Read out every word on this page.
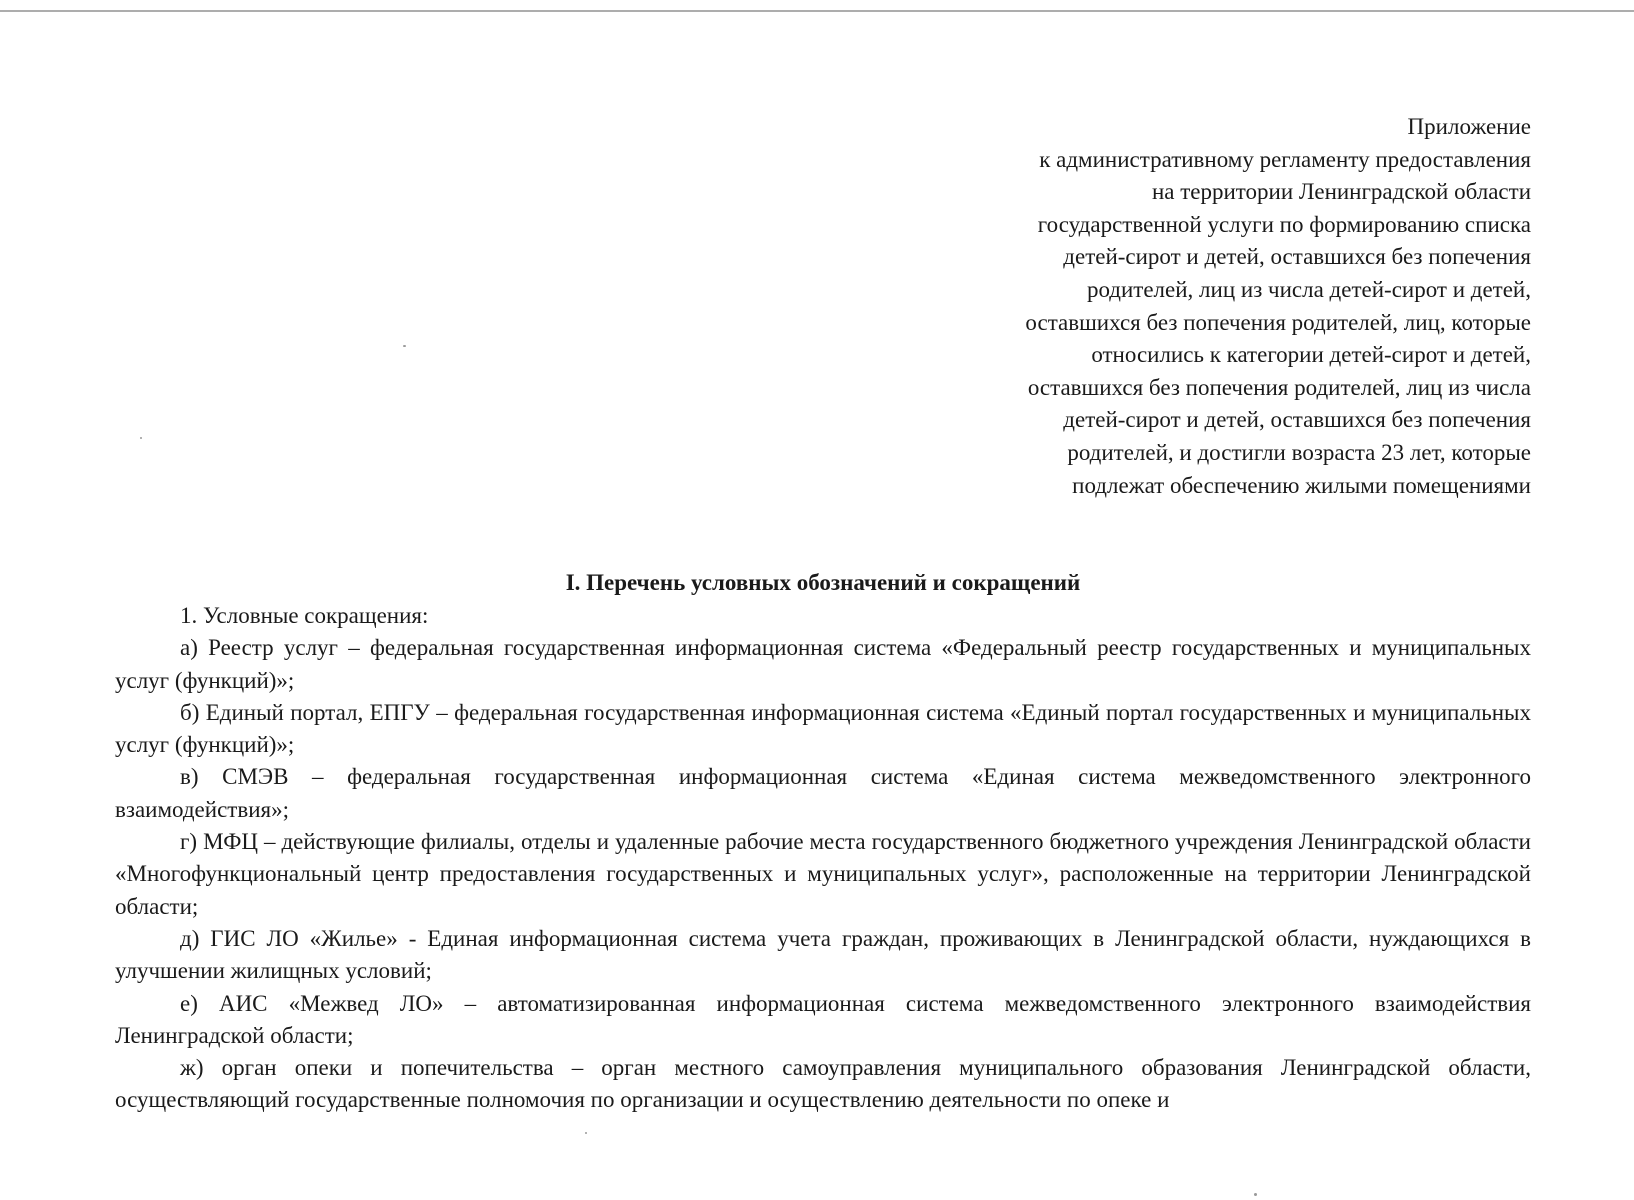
Приложение
к административному регламенту предоставления
на территории Ленинградской области
государственной услуги по формированию списка
детей-сирот и детей, оставшихся без попечения
родителей, лиц из числа детей-сирот и детей,
оставшихся без попечения родителей, лиц, которые
относились к категории детей-сирот и детей,
оставшихся без попечения родителей, лиц из числа
детей-сирот и детей, оставшихся без попечения
родителей, и достигли возраста 23 лет, которые
подлежат обеспечению жилыми помещениями
I. Перечень условных обозначений и сокращений

1. Условные сокращения:

а) Реестр услуг – федеральная государственная информационная система «Федеральный реестр государственных и муниципальных услуг (функций)»;

б) Единый портал, ЕПГУ – федеральная государственная информационная система «Единый портал государственных и муниципальных услуг (функций)»;

в) СМЭВ – федеральная государственная информационная система «Единая система межведомственного электронного взаимодействия»;

г) МФЦ – действующие филиалы, отделы и удаленные рабочие места государственного бюджетного учреждения Ленинградской области «Многофункциональный центр предоставления государственных и муниципальных услуг», расположенные на территории Ленинградской области;

д) ГИС ЛО «Жилье» - Единая информационная система учета граждан, проживающих в Ленинградской области, нуждающихся в улучшении жилищных условий;

е) АИС «Межвед ЛО» – автоматизированная информационная система межведомственного электронного взаимодействия Ленинградской области;

ж) орган опеки и попечительства – орган местного самоуправления муниципального образования Ленинградской области, осуществляющий государственные полномочия по организации и осуществлению деятельности по опеке и
